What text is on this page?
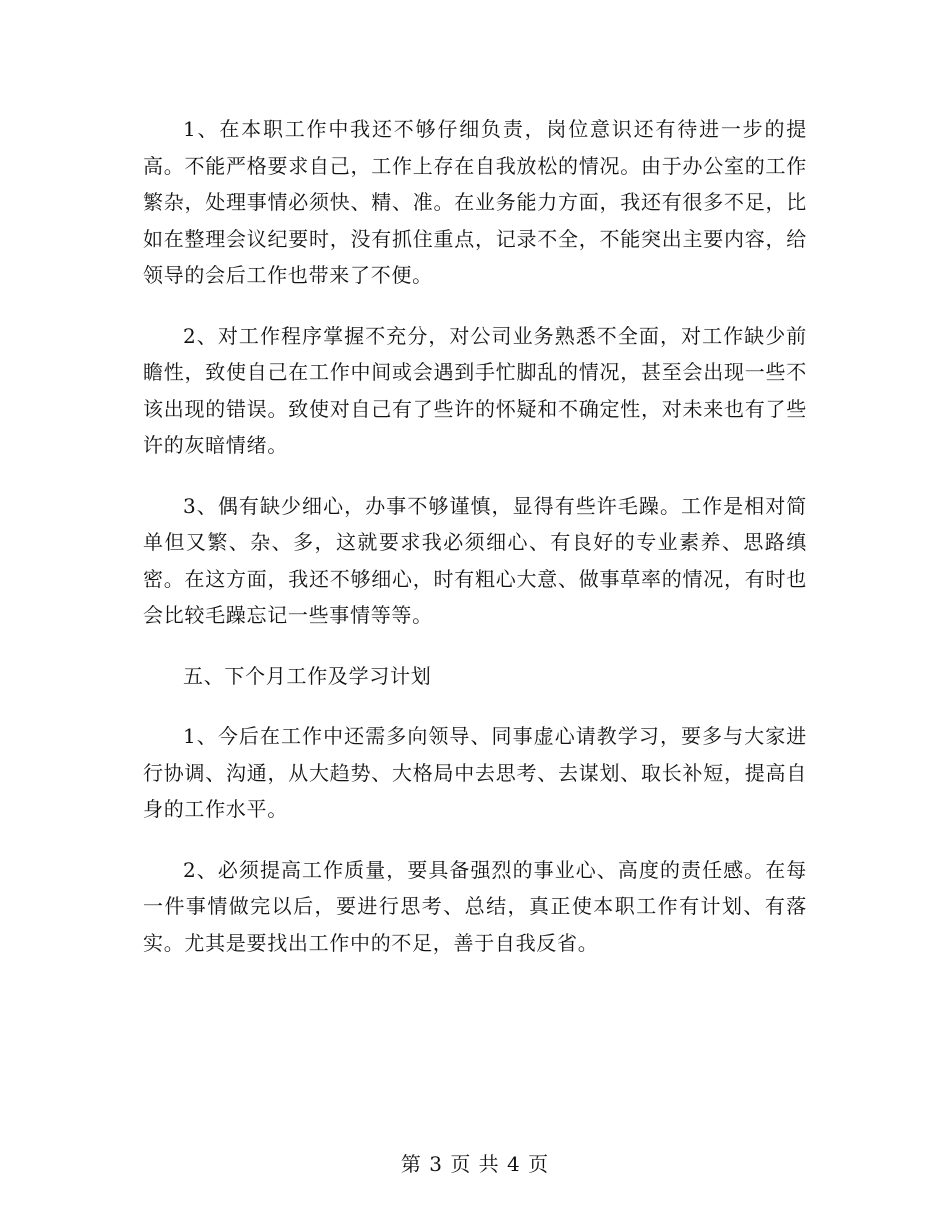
1、在本职工作中我还不够仔细负责，岗位意识还有待进一步的提高。不能严格要求自己，工作上存在自我放松的情况。由于办公室的工作繁杂，处理事情必须快、精、准。在业务能力方面，我还有很多不足，比如在整理会议纪要时，没有抓住重点，记录不全，不能突出主要内容，给领导的会后工作也带来了不便。

2、对工作程序掌握不充分，对公司业务熟悉不全面，对工作缺少前瞻性，致使自己在工作中间或会遇到手忙脚乱的情况，甚至会出现一些不该出现的错误。致使对自己有了些许的怀疑和不确定性，对未来也有了些许的灰暗情绪。

3、偶有缺少细心，办事不够谨慎，显得有些许毛躁。工作是相对简单但又繁、杂、多，这就要求我必须细心、有良好的专业素养、思路缜密。在这方面，我还不够细心，时有粗心大意、做事草率的情况，有时也会比较毛躁忘记一些事情等等。

五、下个月工作及学习计划

1、今后在工作中还需多向领导、同事虚心请教学习，要多与大家进行协调、沟通，从大趋势、大格局中去思考、去谋划、取长补短，提高自身的工作水平。

2、必须提高工作质量，要具备强烈的事业心、高度的责任感。在每一件事情做完以后，要进行思考、总结，真正使本职工作有计划、有落实。尤其是要找出工作中的不足，善于自我反省。

第 3 页 共 4 页
